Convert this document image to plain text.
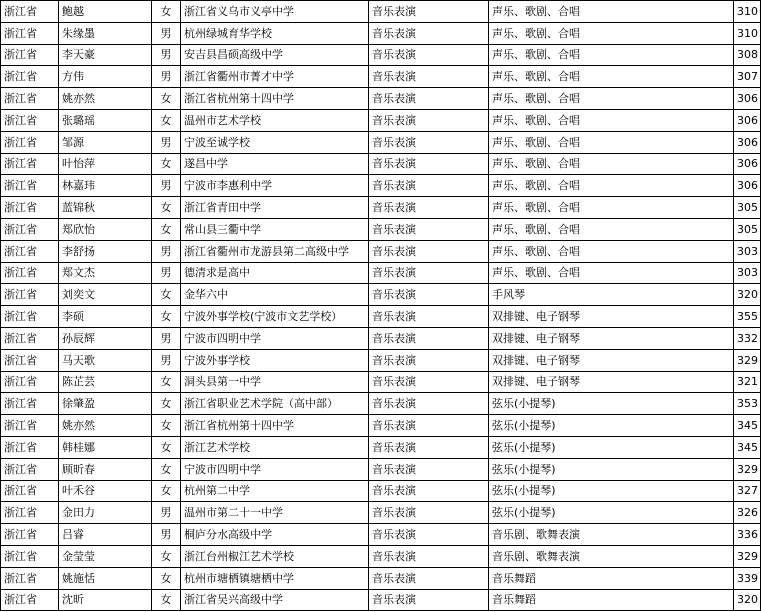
浙江省	鲍越	女	浙江省义乌市义亭中学	音乐表演	声乐、歌剧、合唱	310
浙江省	朱缘墨	男	杭州绿城育华学校	音乐表演	声乐、歌剧、合唱	310
浙江省	李天豪	男	安吉县昌硕高级中学	音乐表演	声乐、歌剧、合唱	308
浙江省	方伟	男	浙江省衢州市菁才中学	音乐表演	声乐、歌剧、合唱	307
浙江省	姚亦然	女	浙江省杭州第十四中学	音乐表演	声乐、歌剧、合唱	306
浙江省	张璐瑶	女	温州市艺术学校	音乐表演	声乐、歌剧、合唱	306
浙江省	邹源	男	宁波至诚学校	音乐表演	声乐、歌剧、合唱	306
浙江省	叶怡萍	女	遂昌中学	音乐表演	声乐、歌剧、合唱	306
浙江省	林嘉玮	男	宁波市李惠利中学	音乐表演	声乐、歌剧、合唱	306
浙江省	蓝锦秋	女	浙江省青田中学	音乐表演	声乐、歌剧、合唱	305
浙江省	郑欣怡	女	常山县三衢中学	音乐表演	声乐、歌剧、合唱	305
浙江省	李舒扬	男	浙江省衢州市龙游县第二高级中学	音乐表演	声乐、歌剧、合唱	303
浙江省	郑文杰	男	德清求是高中	音乐表演	声乐、歌剧、合唱	303
浙江省	刘奕文	女	金华六中	音乐表演	手风琴	320
浙江省	李硕	女	宁波外事学校(宁波市文艺学校）	音乐表演	双排键、电子钢琴	355
浙江省	孙辰辉	男	宁波市四明中学	音乐表演	双排键、电子钢琴	332
浙江省	马天歌	男	宁波外事学校	音乐表演	双排键、电子钢琴	329
浙江省	陈芷芸	女	洞头县第一中学	音乐表演	双排键、电子钢琴	321
浙江省	徐肇盈	女	浙江省职业艺术学院（高中部）	音乐表演	弦乐(小提琴)	353
浙江省	姚亦然	女	浙江省杭州第十四中学	音乐表演	弦乐(小提琴)	345
浙江省	韩桂娜	女	浙江艺术学校	音乐表演	弦乐(小提琴)	345
浙江省	顾昕春	女	宁波市四明中学	音乐表演	弦乐(小提琴)	329
浙江省	叶禾谷	女	杭州第二中学	音乐表演	弦乐(小提琴)	327
浙江省	金田力	男	温州市第二十一中学	音乐表演	弦乐(小提琴)	326
浙江省	吕睿	男	桐庐分水高级中学	音乐表演	音乐剧、歌舞表演	336
浙江省	金莹莹	女	浙江台州椒江艺术学校	音乐表演	音乐剧、歌舞表演	329
浙江省	姚施恬	女	杭州市塘栖镇塘栖中学	音乐表演	音乐舞蹈	339
浙江省	沈昕	女	浙江省吴兴高级中学	音乐表演	音乐舞蹈	320
